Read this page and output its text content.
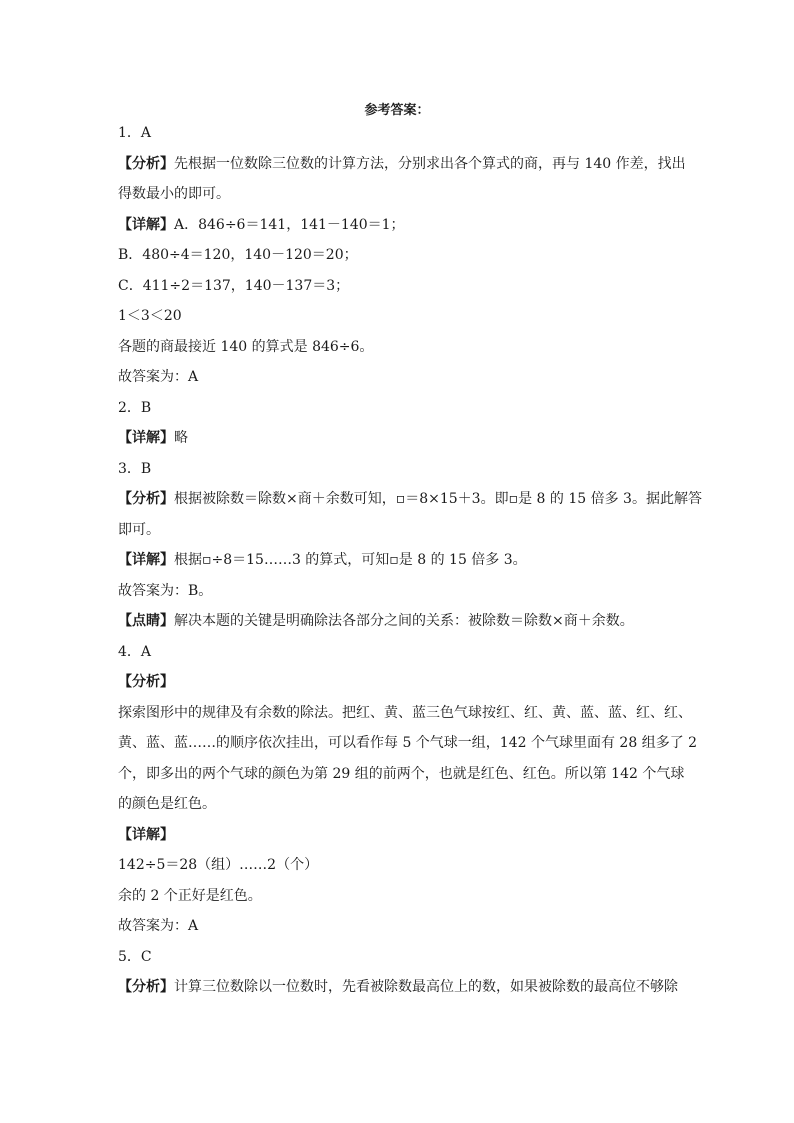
参考答案：
1．A
【分析】先根据一位数除三位数的计算方法，分别求出各个算式的商，再与 140 作差，找出
得数最小的即可。
【详解】A．846÷6＝141，141－140＝1；
B．480÷4＝120，140－120＝20；
C．411÷2＝137，140－137＝3；
1＜3＜20
各题的商最接近 140 的算式是 846÷6。
故答案为：A
2．B
【详解】略
3．B
【分析】根据被除数＝除数×商＋余数可知，▫＝8×15＋3。即▫是 8 的 15 倍多 3。据此解答
即可。
【详解】根据▫÷8＝15……3 的算式，可知▫是 8 的 15 倍多 3。
故答案为：B。
【点睛】解决本题的关键是明确除法各部分之间的关系：被除数＝除数×商＋余数。
4．A
【分析】
探索图形中的规律及有余数的除法。把红、黄、蓝三色气球按红、红、黄、蓝、蓝、红、红、
黄、蓝、蓝……的顺序依次挂出，可以看作每 5 个气球一组，142 个气球里面有 28 组多了 2
个，即多出的两个气球的颜色为第 29 组的前两个，也就是红色、红色。所以第 142 个气球
的颜色是红色。
【详解】
142÷5＝28（组）……2（个）
余的 2 个正好是红色。
故答案为：A
5．C
【分析】计算三位数除以一位数时，先看被除数最高位上的数，如果被除数的最高位不够除
